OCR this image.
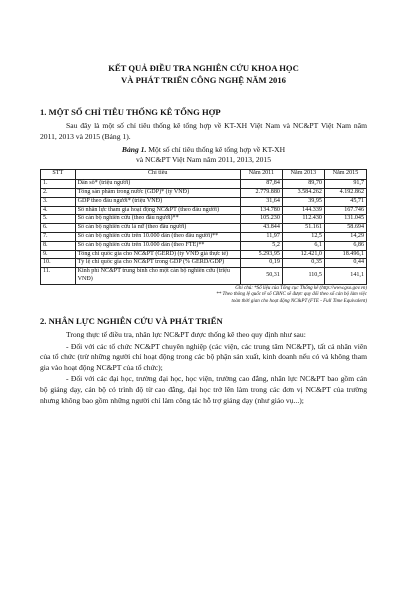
KẾT QUẢ ĐIỀU TRA NGHIÊN CỨU KHOA HỌC
VÀ PHÁT TRIỂN CÔNG NGHỆ NĂM 2016
1. MỘT SỐ CHỈ TIÊU THỐNG KÊ TỔNG HỢP

Sau đây là một số chỉ tiêu thống kê tổng hợp về KT-XH Việt Nam và NC&PT Việt Nam năm 2011, 2013 và 2015 (Bảng 1).

Bảng 1. Một số chỉ tiêu thống kê tổng hợp về KT-XH
và NC&PT Việt Nam năm 2011, 2013, 2015
STT	Chỉ tiêu	Năm 2011	Năm 2013	Năm 2015
1.	Dân số* (triệu người)	87,84	89,70	91,7
2.	Tổng sản phẩm trong nước (GDP)* (tỷ VNĐ)	2.779.880	3.584.262	4.192.862
3.	GDP theo đầu người* (triệu VNĐ)	31,64	39,95	45,71
4.	Số nhân lực tham gia hoạt động NC&PT (theo đầu người)	134.780	144.339	167.746
5.	Số cán bộ nghiên cứu (theo đầu người)**	105.230	112.430	131.045
6.	Số cán bộ nghiên cứu là nữ (theo đầu người)	43.844	51.161	58.694
7.	Số cán bộ nghiên cứu trên 10.000 dân (theo đầu người)**	11,97	12,5	14,29
8.	Số cán bộ nghiên cứu trên 10.000 dân (theo FTE)**	5,2	6,1	6,86
9.	Tổng chi quốc gia cho NC&PT (GERD) (tỷ VNĐ giá thực tế)	5.293,95	12.421,0	18.496,1
10.	Tỷ lệ chi quốc gia cho NC&PT trong GDP (% GERD/GDP)	0,19	0,35	0,44
11.	Kinh phí NC&PT trung bình cho một cán bộ nghiên cứu (triệu VNĐ)	50,31	110,5	141,1
Ghi chú: *Số liệu của Tổng cục Thống kê (http://www.gso.gov.vn)
** Theo thông lệ quốc tế số CBNC sẽ được quy đổi theo số cán bộ làm việc
toàn thời gian cho hoạt động NC&PT (FTE - Full Time Equivalent)
2. NHÂN LỰC NGHIÊN CỨU VÀ PHÁT TRIỂN

Trong thực tế điều tra, nhân lực NC&PT được thống kê theo quy định như sau:

- Đối với các tổ chức NC&PT chuyên nghiệp (các viện, các trung tâm NC&PT), tất cả nhân viên của tổ chức (trừ những người chỉ hoạt động trong các bộ phận sản xuất, kinh doanh nếu có và không tham gia vào hoạt động NC&PT của tổ chức);

- Đối với các đại học, trường đại học, học viện, trường cao đẳng, nhân lực NC&PT bao gồm cán bộ giảng dạy, cán bộ có trình độ từ cao đẳng, đại học trở lên làm trong các đơn vị NC&PT của trường nhưng không bao gồm những người chỉ làm công tác hỗ trợ giảng dạy (như giáo vụ...);
